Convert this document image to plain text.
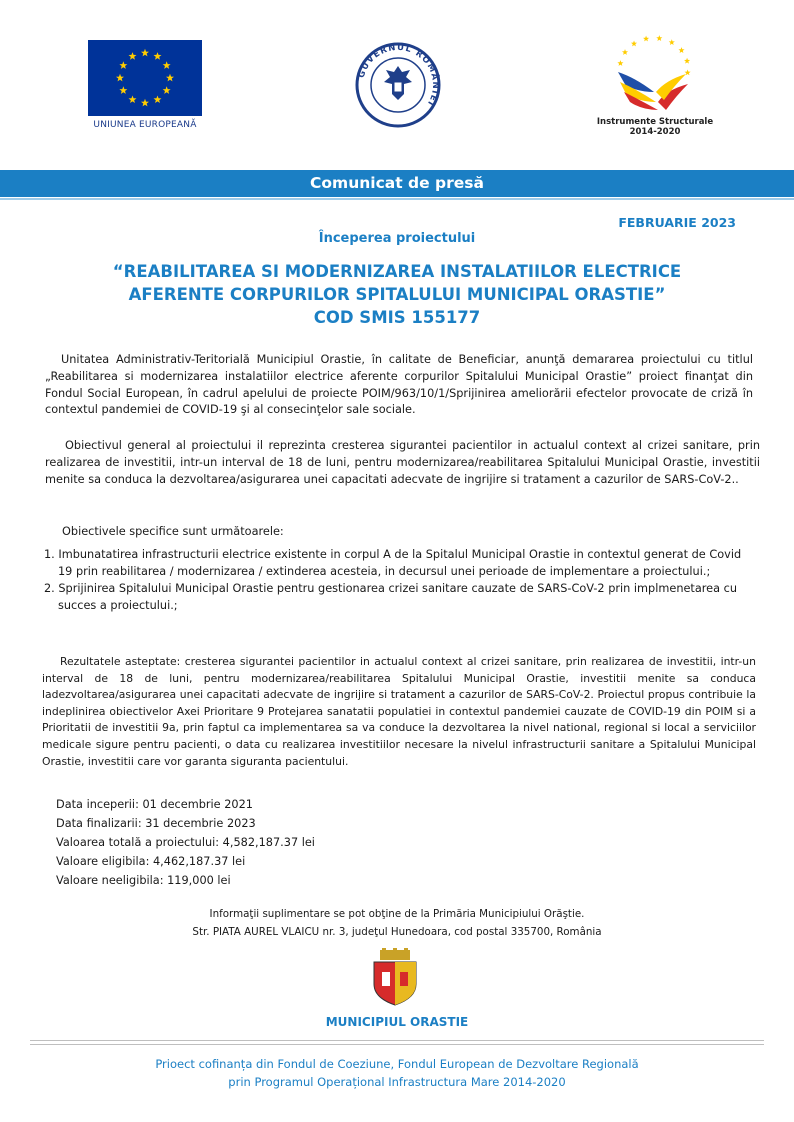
UNIUNEA EUROPEANĂ
GUVERNUL ROMÂNIEI
Instrumente Structurale
2014-2020
Comunicat de presă
FEBRUARIE 2023
Începerea proiectului
“REABILITAREA SI MODERNIZAREA INSTALATIILOR ELECTRICE
AFERENTE CORPURILOR SPITALULUI MUNICIPAL ORASTIE”
COD SMIS 155177
Unitatea Administrativ-Teritorială Municipiul Orastie, în calitate de Beneficiar, anunţă demararea proiectului cu titlul „Reabilitarea si modernizarea instalatiilor electrice aferente corpurilor Spitalului Municipal Orastie” proiect finanţat din Fondul Social European, în cadrul apelului de proiecte POIM/963/10/1/Sprijinirea ameliorării efectelor provocate de criză în contextul pandemiei de COVID-19 şi al consecinţelor sale sociale.
Obiectivul general al proiectului il reprezinta cresterea sigurantei pacientilor in actualul context al crizei sanitare, prin realizarea de investitii, intr-un interval de 18 de luni, pentru modernizarea/reabilitarea Spitalului Municipal Orastie, investitii menite sa conduca la dezvoltarea/asigurarea unei capacitati adecvate de ingrijire si tratament a cazurilor de SARS-CoV-2..
Obiectivele specifice sunt următoarele:
1. Imbunatatirea infrastructurii electrice existente in corpul A de la Spitalul Municipal Orastie in contextul generat de Covid 19 prin reabilitarea / modernizarea / extinderea acesteia, in decursul unei perioade de implementare a proiectului.;
2. Sprijinirea Spitalului Municipal Orastie pentru gestionarea crizei sanitare cauzate de SARS-CoV-2 prin implmenetarea cu succes a proiectului.;
Rezultatele asteptate: cresterea sigurantei pacientilor in actualul context al crizei sanitare, prin realizarea de investitii, intr-un interval de 18 de luni, pentru modernizarea/reabilitarea Spitalului Municipal Orastie, investitii menite sa conduca ladezvoltarea/asigurarea unei capacitati adecvate de ingrijire si tratament a cazurilor de SARS-CoV-2. Proiectul propus contribuie la indeplinirea obiectivelor Axei Prioritare 9 Protejarea sanatatii populatiei in contextul pandemiei cauzate de COVID-19 din POIM si a Prioritatii de investitii 9a, prin faptul ca implementarea sa va conduce la dezvoltarea la nivel national, regional si local a serviciilor medicale sigure pentru pacienti, o data cu realizarea investitiilor necesare la nivelul infrastructurii sanitare a Spitalului Municipal Orastie, investitii care vor garanta siguranta pacientului.
Data inceperii: 01 decembrie 2021
Data finalizarii: 31 decembrie 2023
Valoarea totală a proiectului: 4,582,187.37 lei
Valoare eligibila: 4,462,187.37 lei
Valoare neeligibila: 119,000 lei
Informaţii suplimentare se pot obţine de la Primăria Municipiului Orăştie.
Str. PIATA AUREL VLAICU nr. 3, judeţul Hunedoara, cod postal 335700, România
MUNICIPIUL ORASTIE
Prioect cofinanța din Fondul de Coeziune, Fondul European de Dezvoltare Regională
prin Programul Operațional Infrastructura Mare 2014-2020
